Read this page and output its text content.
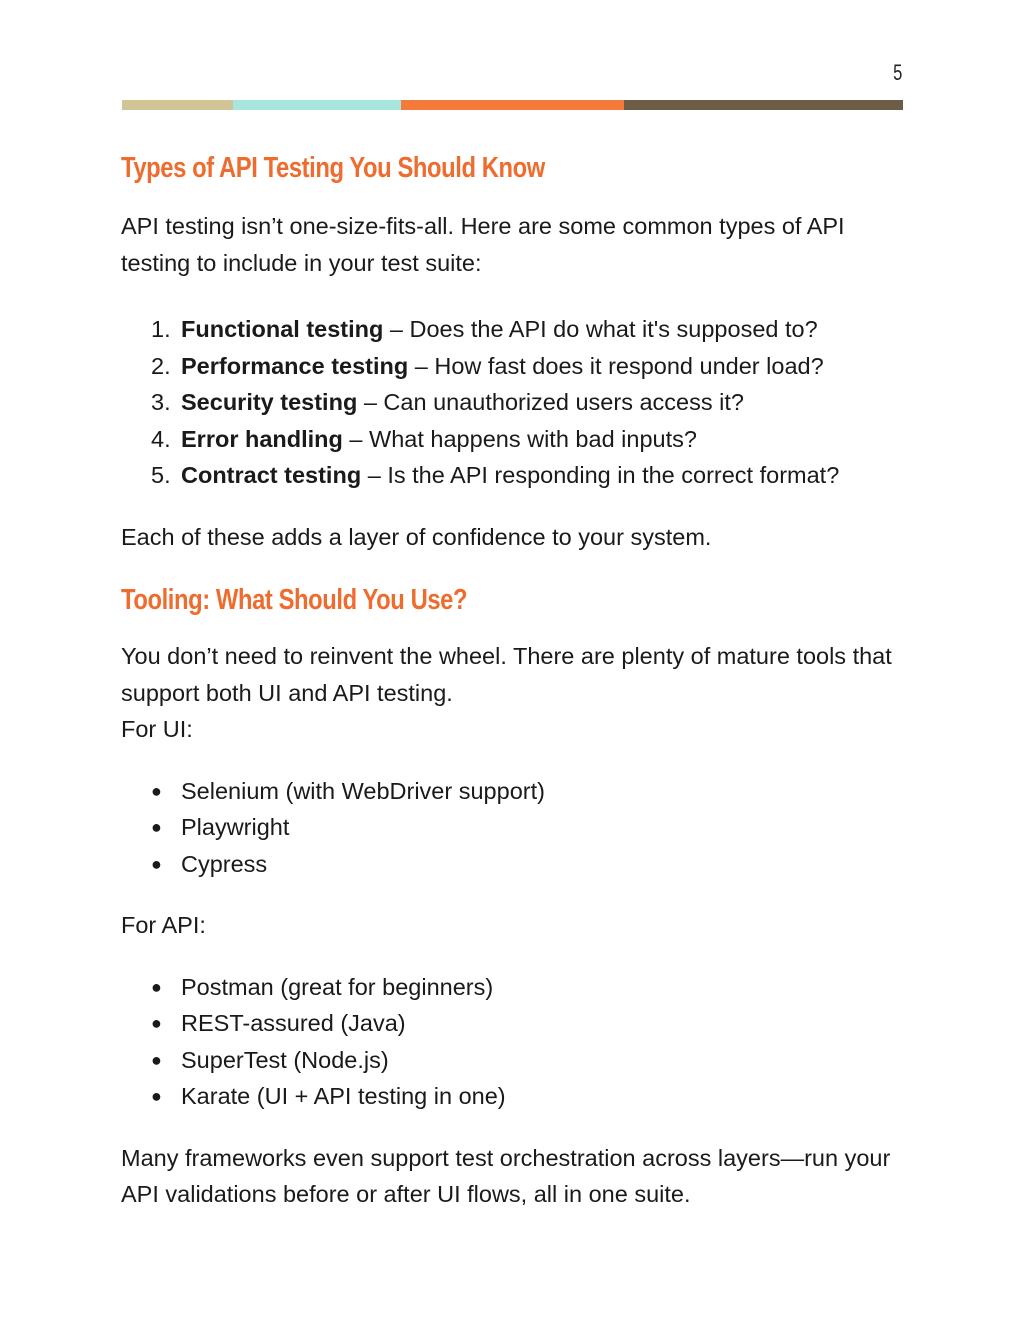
5
Types of API Testing You Should Know

API testing isn’t one-size-fits-all. Here are some common types of API testing to include in your test suite:

1. Functional testing – Does the API do what it's supposed to?
2. Performance testing – How fast does it respond under load?
3. Security testing – Can unauthorized users access it?
4. Error handling – What happens with bad inputs?
5. Contract testing – Is the API responding in the correct format?

Each of these adds a layer of confidence to your system.

Tooling: What Should You Use?

You don’t need to reinvent the wheel. There are plenty of mature tools that support both UI and API testing.
For UI:

● Selenium (with WebDriver support)
● Playwright
● Cypress

For API:

● Postman (great for beginners)
● REST-assured (Java)
● SuperTest (Node.js)
● Karate (UI + API testing in one)

Many frameworks even support test orchestration across layers—run your API validations before or after UI flows, all in one suite.
